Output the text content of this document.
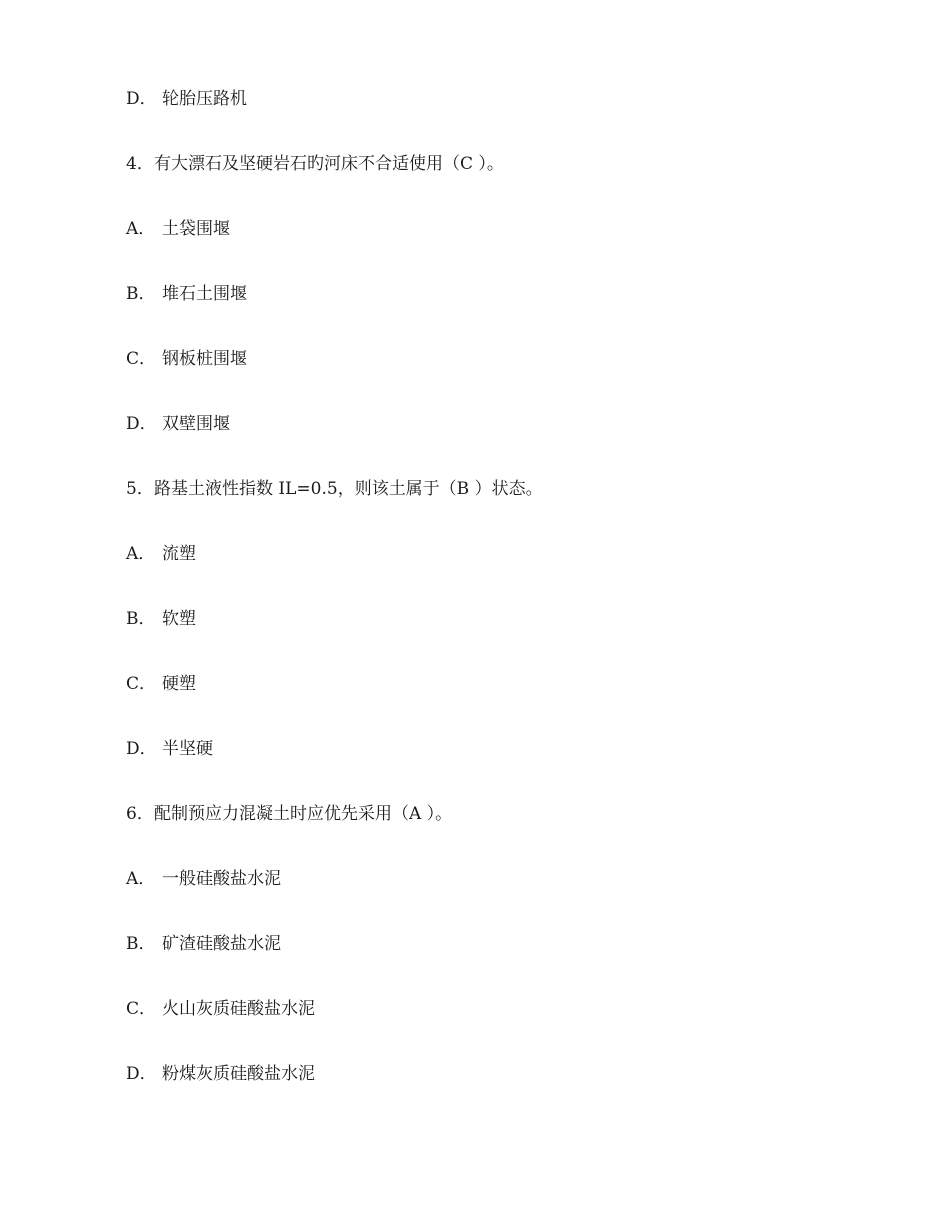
D． 轮胎压路机
4．有大漂石及坚硬岩石旳河床不合适使用（C ）。
A． 土袋围堰
B． 堆石土围堰
C． 钢板桩围堰
D． 双壁围堰
5．路基土液性指数 IL=0.5，则该土属于（B ）状态。
A． 流塑
B． 软塑
C． 硬塑
D． 半坚硬
6．配制预应力混凝土时应优先采用（A ）。
A． 一般硅酸盐水泥
B． 矿渣硅酸盐水泥
C． 火山灰质硅酸盐水泥
D． 粉煤灰质硅酸盐水泥
